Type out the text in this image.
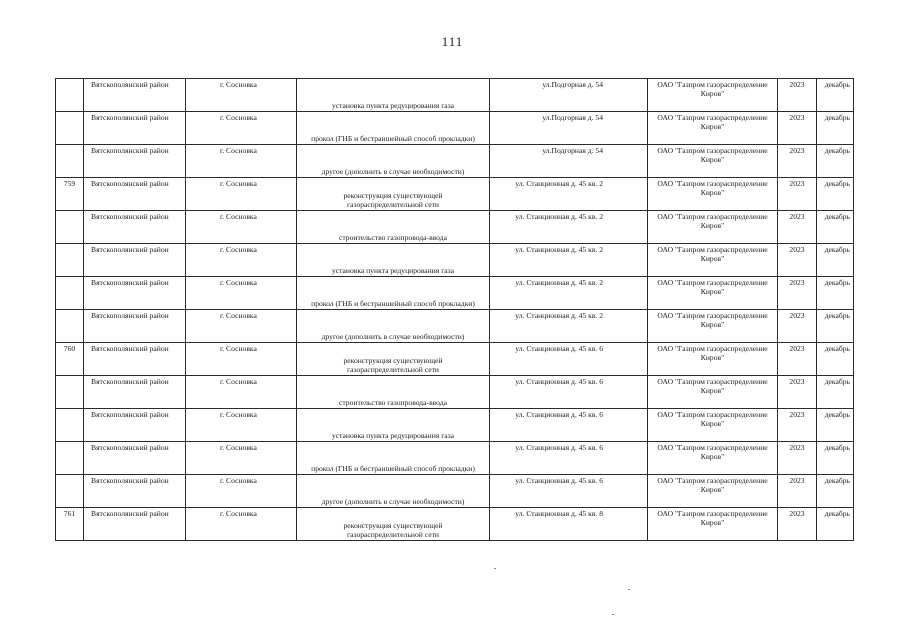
111

	Вятскополянский район	г. Сосновка	установка пункта редуцирования газа	ул.Подгорная д. 54	ОАО "Газпром газораспределение Киров"	2023	декабрь

	Вятскополянский район	г. Сосновка	прокол (ГНБ и бестраншейный способ прокладки)	ул.Подгорная д. 54	ОАО "Газпром газораспределение Киров"	2023	декабрь

	Вятскополянский район	г. Сосновка	другое (дополнить в случае необходимости)	ул.Подгорная д. 54	ОАО "Газпром газораспределение Киров"	2023	декабрь

759	Вятскополянский район	г. Сосновка	реконструкция существующей
газораспределительной сети	ул. Станционная д. 45 кв. 2	ОАО "Газпром газораспределение Киров"	2023	декабрь

	Вятскополянский район	г. Сосновка	строительство газопровода-ввода	ул. Станционная д. 45 кв. 2	ОАО "Газпром газораспределение Киров"	2023	декабрь

	Вятскополянский район	г. Сосновка	установка пункта редуцирования газа	ул. Станционная д. 45 кв. 2	ОАО "Газпром газораспределение Киров"	2023	декабрь

	Вятскополянский район	г. Сосновка	прокол (ГНБ и бестраншейный способ прокладки)	ул. Станционная д. 45 кв. 2	ОАО "Газпром газораспределение Киров"	2023	декабрь

	Вятскополянский район	г. Сосновка	другое (дополнить в случае необходимости)	ул. Станционная д. 45 кв. 2	ОАО "Газпром газораспределение Киров"	2023	декабрь

760	Вятскополянский район	г. Сосновка	реконструкция существующей
газораспределительной сети	ул. Станционная д. 45 кв. 6	ОАО "Газпром газораспределение Киров"	2023	декабрь

	Вятскополянский район	г. Сосновка	строительство газопровода-ввода	ул. Станционная д. 45 кв. 6	ОАО "Газпром газораспределение Киров"	2023	декабрь

	Вятскополянский район	г. Сосновка	установка пункта редуцирования газа	ул. Станционная д. 45 кв. 6	ОАО "Газпром газораспределение Киров"	2023	декабрь

	Вятскополянский район	г. Сосновка	прокол (ГНБ и бестраншейный способ прокладки)	ул. Станционная д. 45 кв. 6	ОАО "Газпром газораспределение Киров"	2023	декабрь

	Вятскополянский район	г. Сосновка	другое (дополнить в случае необходимости)	ул. Станционная д. 45 кв. 6	ОАО "Газпром газораспределение Киров"	2023	декабрь

761	Вятскополянский район	г. Сосновка	реконструкция существующей
газораспределительной сети	ул. Станционная д. 45 кв. 8	ОАО "Газпром газораспределение Киров"	2023	декабрь
